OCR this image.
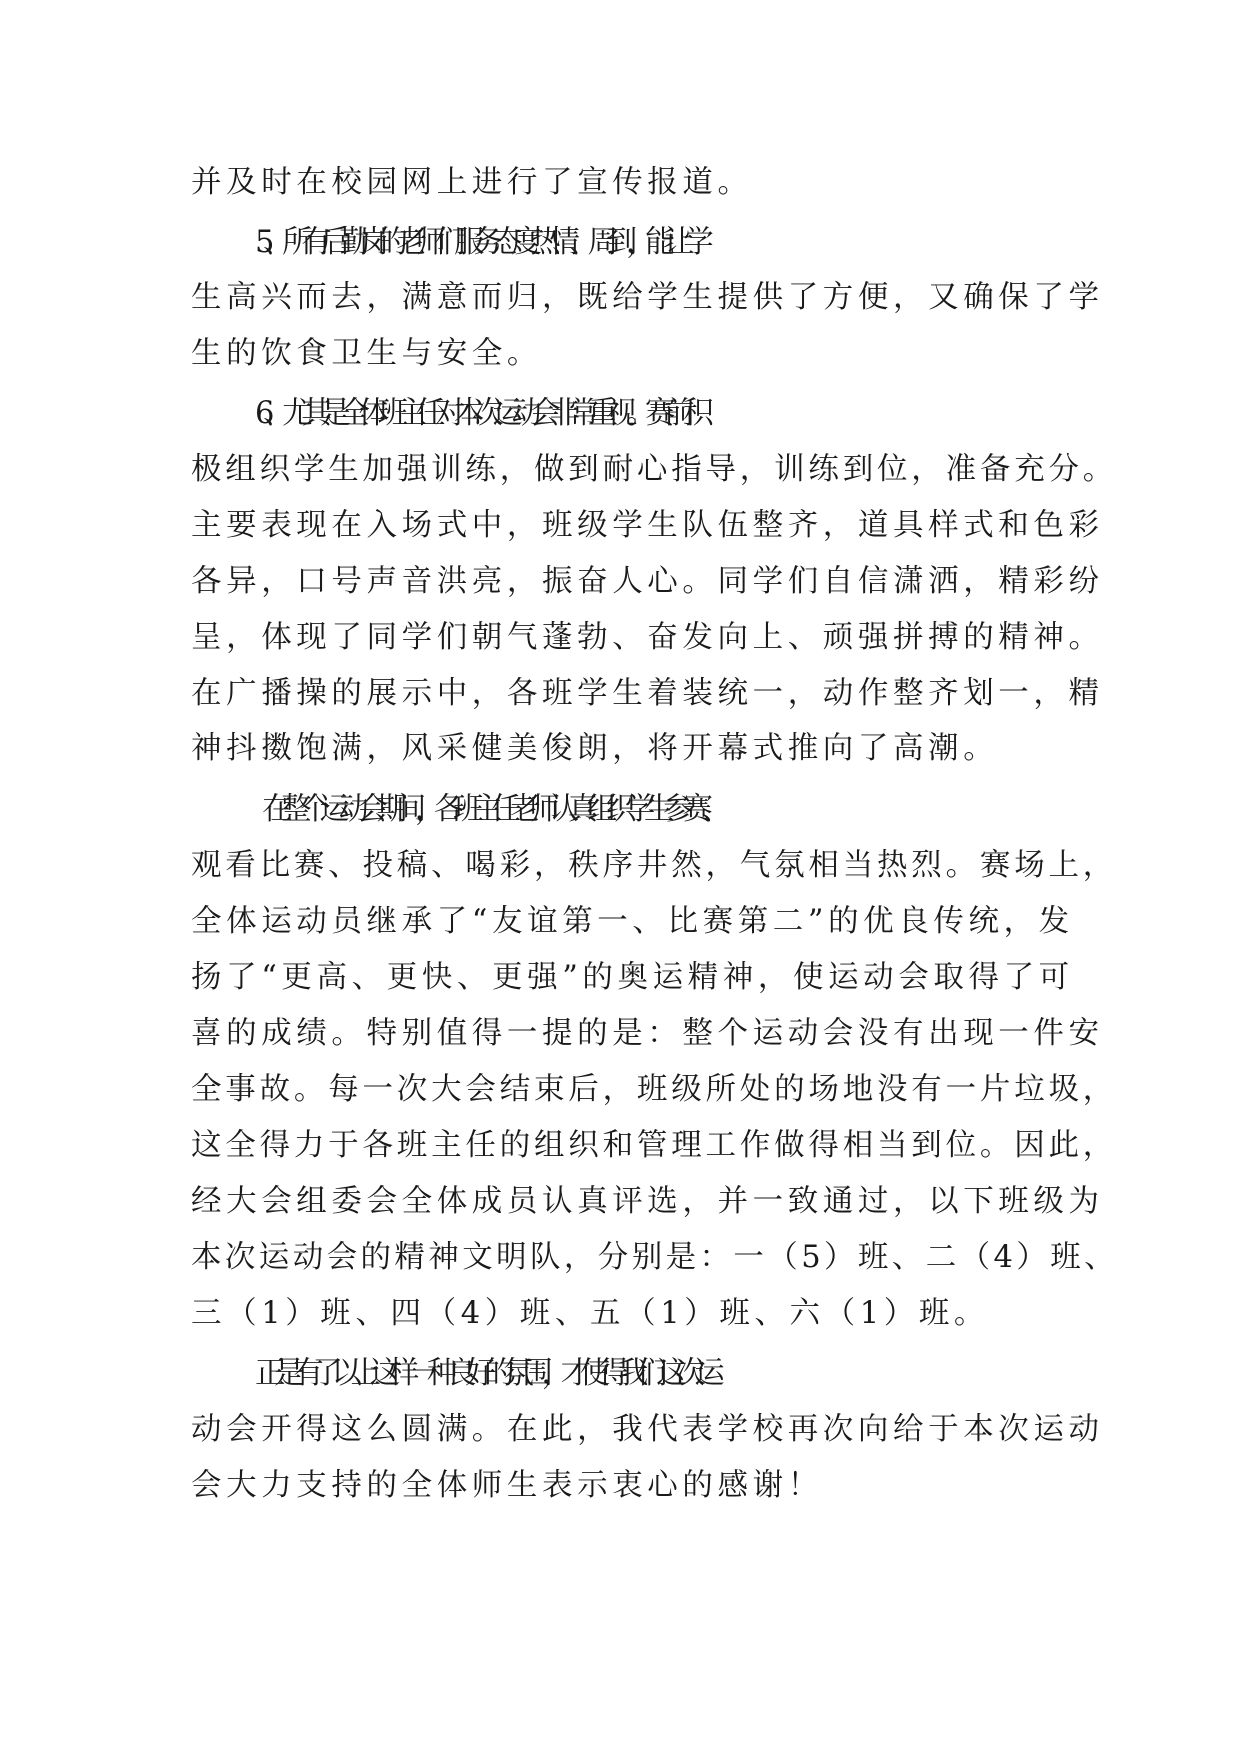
并及时在校园网上进行了宣传报道。
5、所有后勤岗的老师们服务态度热情、周到，能让学
生高兴而去，满意而归，既给学生提供了方便，又确保了学
生的饮食卫生与安全。
6、尤其是全体班主任对本次运动会非常重视。赛前积
极组织学生加强训练，做到耐心指导，训练到位，准备充分。
主要表现在入场式中，班级学生队伍整齐，道具样式和色彩
各异，口号声音洪亮，振奋人心。同学们自信潇洒，精彩纷
呈，体现了同学们朝气蓬勃、奋发向上、顽强拼搏的精神。
在广播操的展示中，各班学生着装统一，动作整齐划一，精
神抖擞饱满，风采健美俊朗，将开幕式推向了高潮。
在整个运动会期间，各班主任老师认真组织学生参赛、
观看比赛、投稿、喝彩，秩序井然，气氛相当热烈。赛场上，
全体运动员继承了“友谊第一、比赛第二”的优良传统，发
扬了“更高、更快、更强”的奥运精神，使运动会取得了可
喜的成绩。特别值得一提的是：整个运动会没有出现一件安
全事故。每一次大会结束后，班级所处的场地没有一片垃圾，
这全得力于各班主任的组织和管理工作做得相当到位。因此，
经大会组委会全体成员认真评选，并一致通过，以下班级为
本次运动会的精神文明队，分别是：一（5）班、二（4）班、
三（1）班、四（4）班、五（1）班、六（1）班。
正是有了以上这样一种良好的氛围，才使得我们这次运
动会开得这么圆满。在此，我代表学校再次向给于本次运动
会大力支持的全体师生表示衷心的感谢！
